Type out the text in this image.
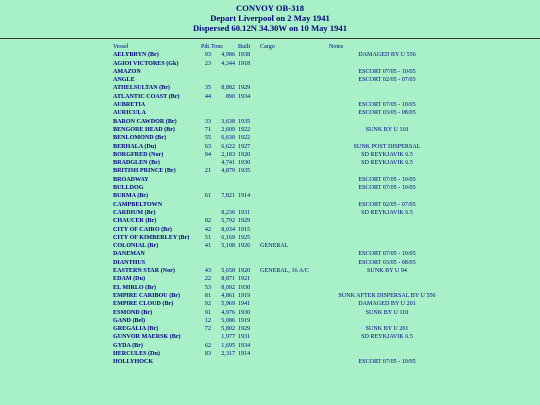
CONVOY OB-318
Depart Liverpool on 2 May 1941
Dispersed 60.12N 34.30W on 10 May 1941
Vessel	Pdt.	Tons	Built	Cargo	Notes
AELYBRYN (Br)	93	4,986	1938		DAMAGED BY U 556
AGIOI VICTORES (Gk)	23	4,344	1918		
AMAZON					ESCORT 07/05 - 10/05
ANGLE					ESCORT 02/05 - 07/05
ATHELSULTAN (Br)	35	8,882	1929		
ATLANTIC COAST (Br)	44	890	1934		
AUBRETIA					ESCORT 07/05 - 10/05
AURICULA					ESCORT 03/05 - 08/05
BARON CAWDOR (Br)	33	3,638	1935		
BENGORE HEAD (Br)	71	2,609	1922		SUNK BY U 110
BENLOMOND (Br)	55	6,630	1922		
BERHALA (Du)	63	6,622	1927		SUNK POST DISPERSAL
BORGFRED (Nor)	94	2,183	1920		SD REYKJAVIK 6.5
BRADGLEN (Br)		4,741	1930		SD REYKJAVIK 6.5
BRITISH PRINCE (Br)	21	4,879	1935		
BROADWAY					ESCORT 07/05 - 10/05
BULLDOG					ESCORT 07/05 - 10/05
BURMA (Br)	61	7,821	1914		
CAMPBELTOWN					ESCORT 02/05 - 07/05
CARDIUM (Br)		8,236	1931		SD REYKJAVIK 6.5
CHAUCER (Br)	82	5,792	1929		
CITY OF CAIRO (Br)	42	8,034	1915		
CITY OF KIMBERLEY (Br)	51	6,169	1925		
COLONIAL (Br)	41	5,108	1926	GENERAL	
DANEMAN					ESCORT 07/05 - 10/05
DIANTHUS					ESCORT 03/05 - 08/05
EASTERN STAR (Nor)	43	5,658	1920	GENERAL, 16 A/C	SUNK BY U 94
EDAM (Du)	22	8,871	1921		
EL MIRLO (Br)	53	8,092	1930		
EMPIRE CARIBOU (Br)	81	4,861	1919		SUNK AFTER DISPERSAL BY U 556
EMPIRE CLOUD (Br)	92	5,969	1941		DAMAGED BY U 201
ESMOND (Br)	91	4,976	1930		SUNK BY U 110
GAND (Bel)	12	5,086	1919		
GREGALIA (Br)	72	5,802	1929		SUNK BY U 201
GUNVOR MAERSK (Br)		1,977	1931		SD REYKJAVIK 6.5
GYDA (Br)	62	1,695	1934		
HERCULES (Du)	83	2,317	1914		
HOLLYHOCK					ESCORT 07/05 - 10/05
